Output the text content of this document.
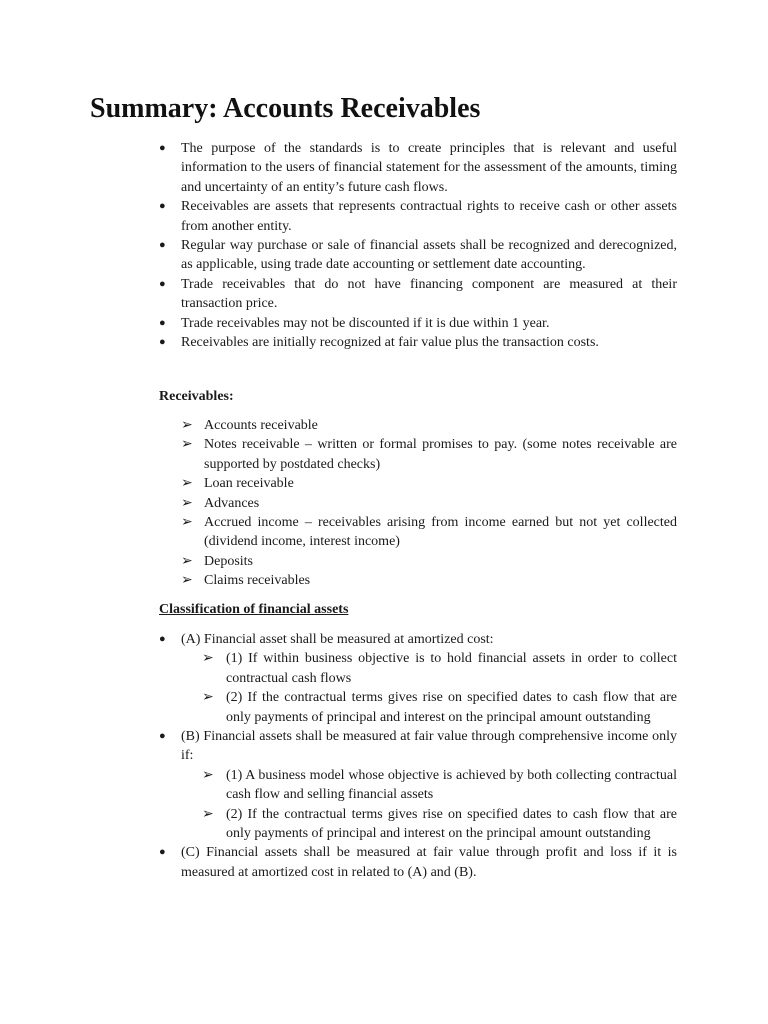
Summary: Accounts Receivables
● The purpose of the standards is to create principles that is relevant and useful information to the users of financial statement for the assessment of the amounts, timing and uncertainty of an entity’s future cash flows.
● Receivables are assets that represents contractual rights to receive cash or other assets from another entity.
● Regular way purchase or sale of financial assets shall be recognized and derecognized, as applicable, using trade date accounting or settlement date accounting.
● Trade receivables that do not have financing component are measured at their transaction price.
● Trade receivables may not be discounted if it is due within 1 year.
● Receivables are initially recognized at fair value plus the transaction costs.
Receivables:
➢ Accounts receivable
➢ Notes receivable – written or formal promises to pay. (some notes receivable are supported by postdated checks)
➢ Loan receivable
➢ Advances
➢ Accrued income – receivables arising from income earned but not yet collected (dividend income, interest income)
➢ Deposits
➢ Claims receivables
Classification of financial assets
● (A) Financial asset shall be measured at amortized cost:
➢ (1) If within business objective is to hold financial assets in order to collect contractual cash flows
➢ (2) If the contractual terms gives rise on specified dates to cash flow that are only payments of principal and interest on the principal amount outstanding
● (B) Financial assets shall be measured at fair value through comprehensive income only if:
➢ (1) A business model whose objective is achieved by both collecting contractual cash flow and selling financial assets
➢ (2) If the contractual terms gives rise on specified dates to cash flow that are only payments of principal and interest on the principal amount outstanding
● (C) Financial assets shall be measured at fair value through profit and loss if it is measured at amortized cost in related to (A) and (B).
